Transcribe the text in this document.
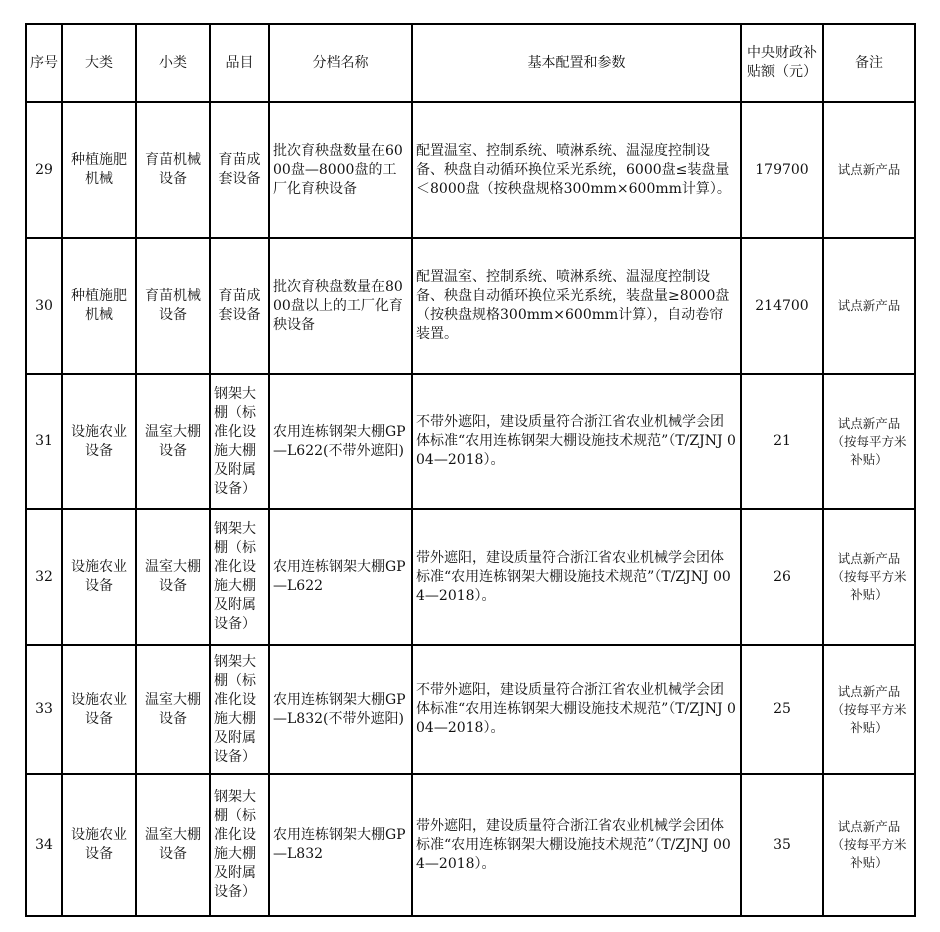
序号	大类	小类	品目	分档名称	基本配置和参数	中央财政补贴额（元）	备注
29	种植施肥机械	育苗机械设备	育苗成套设备	批次育秧盘数量在6000盘—8000盘的工厂化育秧设备	配置温室、控制系统、喷淋系统、温湿度控制设备、秧盘自动循环换位采光系统，6000盘≤装盘量＜8000盘（按秧盘规格300mm×600mm计算）。	179700	试点新产品
30	种植施肥机械	育苗机械设备	育苗成套设备	批次育秧盘数量在8000盘以上的工厂化育秧设备	配置温室、控制系统、喷淋系统、温湿度控制设备、秧盘自动循环换位采光系统，装盘量≥8000盘（按秧盘规格300mm×600mm计算），自动卷帘装置。	214700	试点新产品
31	设施农业设备	温室大棚设备	钢架大棚（标准化设施大棚及附属设备）	农用连栋钢架大棚GP—L622(不带外遮阳)	不带外遮阳，建设质量符合浙江省农业机械学会团体标准“农用连栋钢架大棚设施技术规范”（T/ZJNJ 004—2018）。	21	试点新产品（按每平方米补贴）
32	设施农业设备	温室大棚设备	钢架大棚（标准化设施大棚及附属设备）	农用连栋钢架大棚GP—L622	带外遮阳，建设质量符合浙江省农业机械学会团体标准“农用连栋钢架大棚设施技术规范”（T/ZJNJ 004—2018）。	26	试点新产品（按每平方米补贴）
33	设施农业设备	温室大棚设备	钢架大棚（标准化设施大棚及附属设备）	农用连栋钢架大棚GP—L832(不带外遮阳)	不带外遮阳，建设质量符合浙江省农业机械学会团体标准“农用连栋钢架大棚设施技术规范”（T/ZJNJ 004—2018）。	25	试点新产品（按每平方米补贴）
34	设施农业设备	温室大棚设备	钢架大棚（标准化设施大棚及附属设备）	农用连栋钢架大棚GP—L832	带外遮阳，建设质量符合浙江省农业机械学会团体标准“农用连栋钢架大棚设施技术规范”（T/ZJNJ 004—2018）。	35	试点新产品（按每平方米补贴）
